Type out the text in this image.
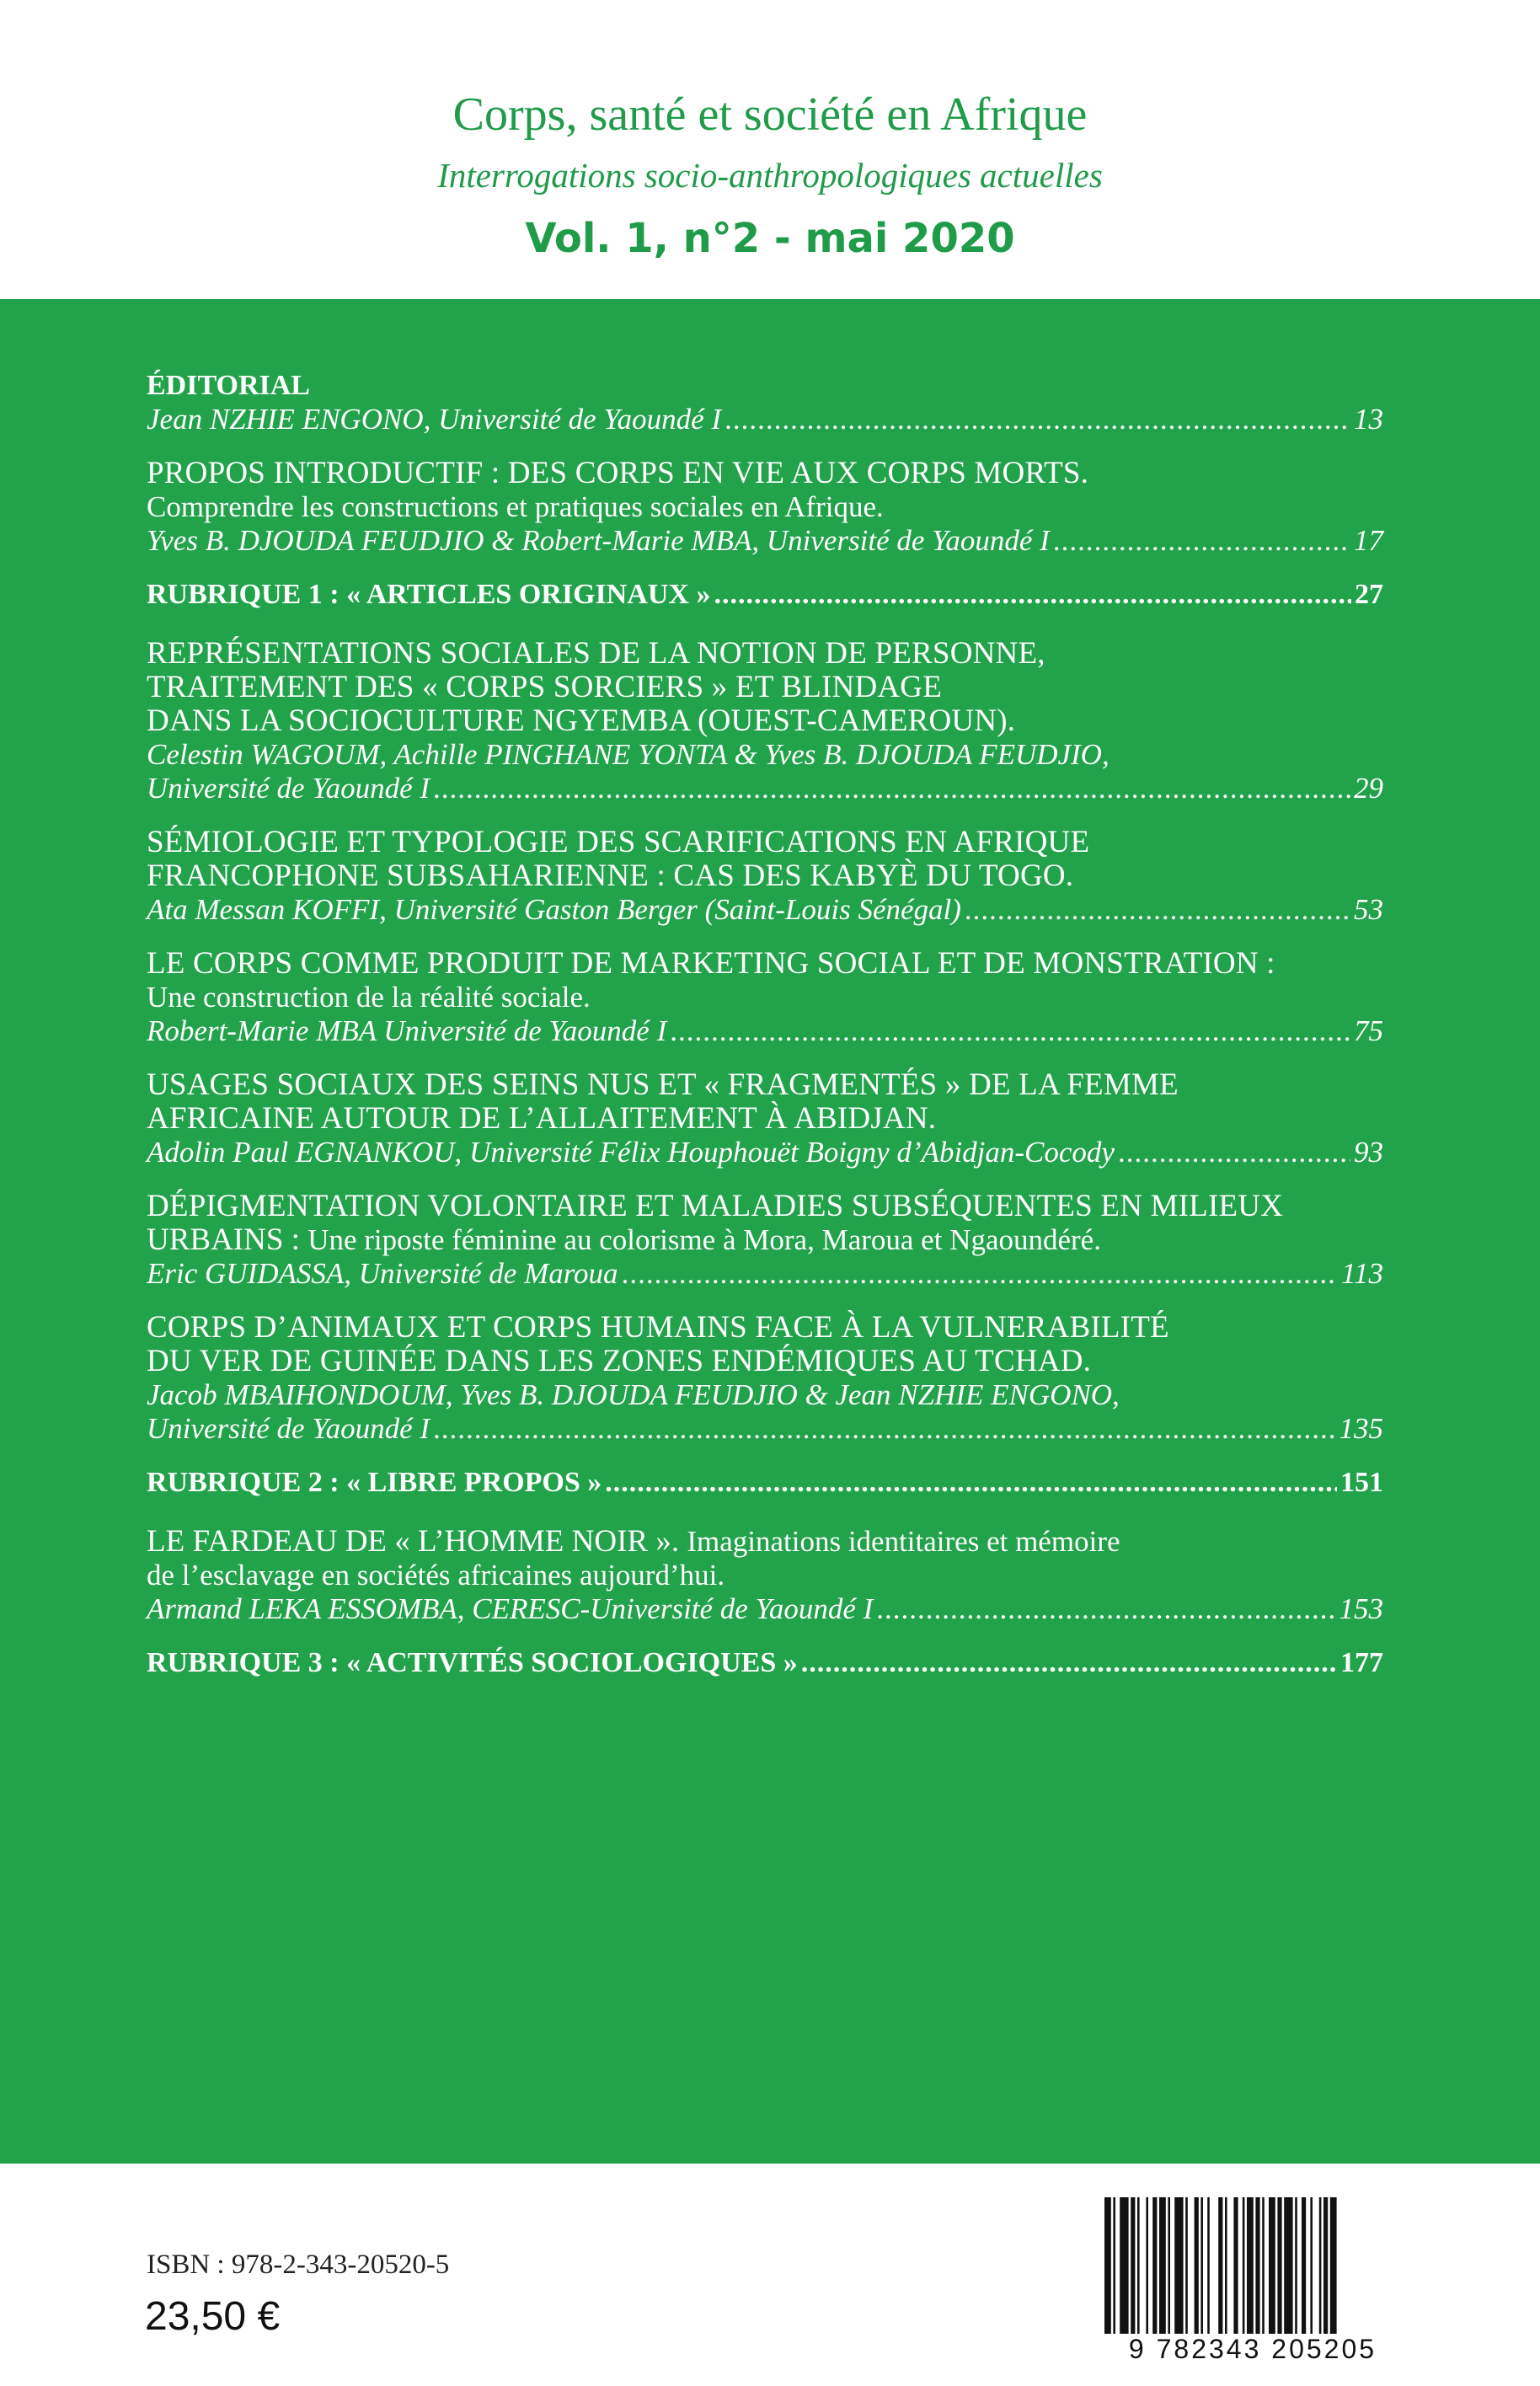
Corps, santé et société en Afrique
Interrogations socio-anthropologiques actuelles
Vol. 1, n°2 - mai 2020
ÉDITORIAL
Jean NZHIE ENGONO, Université de Yaoundé I .....	13
PROPOS INTRODUCTIF : DES CORPS EN VIE AUX CORPS MORTS.
Comprendre les constructions et pratiques sociales en Afrique.
Yves B. DJOUDA FEUDJIO & Robert-Marie MBA, Université de Yaoundé I .....	17
RUBRIQUE 1 : « ARTICLES ORIGINAUX » .....	27
REPRÉSENTATIONS SOCIALES DE LA NOTION DE PERSONNE,
TRAITEMENT DES « CORPS SORCIERS » ET BLINDAGE
DANS LA SOCIOCULTURE NGYEMBA (OUEST-CAMEROUN).
Celestin WAGOUM, Achille PINGHANE YONTA & Yves B. DJOUDA FEUDJIO,
Université de Yaoundé I .....	29
SÉMIOLOGIE ET TYPOLOGIE DES SCARIFICATIONS EN AFRIQUE
FRANCOPHONE SUBSAHARIENNE : CAS DES KABYÈ DU TOGO.
Ata Messan KOFFI, Université Gaston Berger (Saint-Louis Sénégal) .....	53
LE CORPS COMME PRODUIT DE MARKETING SOCIAL ET DE MONSTRATION :
Une construction de la réalité sociale.
Robert-Marie MBA Université de Yaoundé I .....	75
USAGES SOCIAUX DES SEINS NUS ET « FRAGMENTÉS » DE LA FEMME
AFRICAINE AUTOUR DE L’ALLAITEMENT À ABIDJAN.
Adolin Paul EGNANKOU, Université Félix Houphouët Boigny d’Abidjan-Cocody .....	93
DÉPIGMENTATION VOLONTAIRE ET MALADIES SUBSÉQUENTES EN MILIEUX
URBAINS : Une riposte féminine au colorisme à Mora, Maroua et Ngaoundéré.
Eric GUIDASSA, Université de Maroua .....	113
CORPS D’ANIMAUX ET CORPS HUMAINS FACE À LA VULNERABILITÉ
DU VER DE GUINÉE DANS LES ZONES ENDÉMIQUES AU TCHAD.
Jacob MBAIHONDOUM, Yves B. DJOUDA FEUDJIO & Jean NZHIE ENGONO,
Université de Yaoundé I .....	135
RUBRIQUE 2 : « LIBRE PROPOS » .....	151
LE FARDEAU DE « L’HOMME NOIR ». Imaginations identitaires et mémoire
de l’esclavage en sociétés africaines aujourd’hui.
Armand LEKA ESSOMBA, CERESC-Université de Yaoundé I .....	153
RUBRIQUE 3 : « ACTIVITÉS SOCIOLOGIQUES » .....	177
ISBN : 978-2-343-20520-5
23,50 €
9 782343 205205
